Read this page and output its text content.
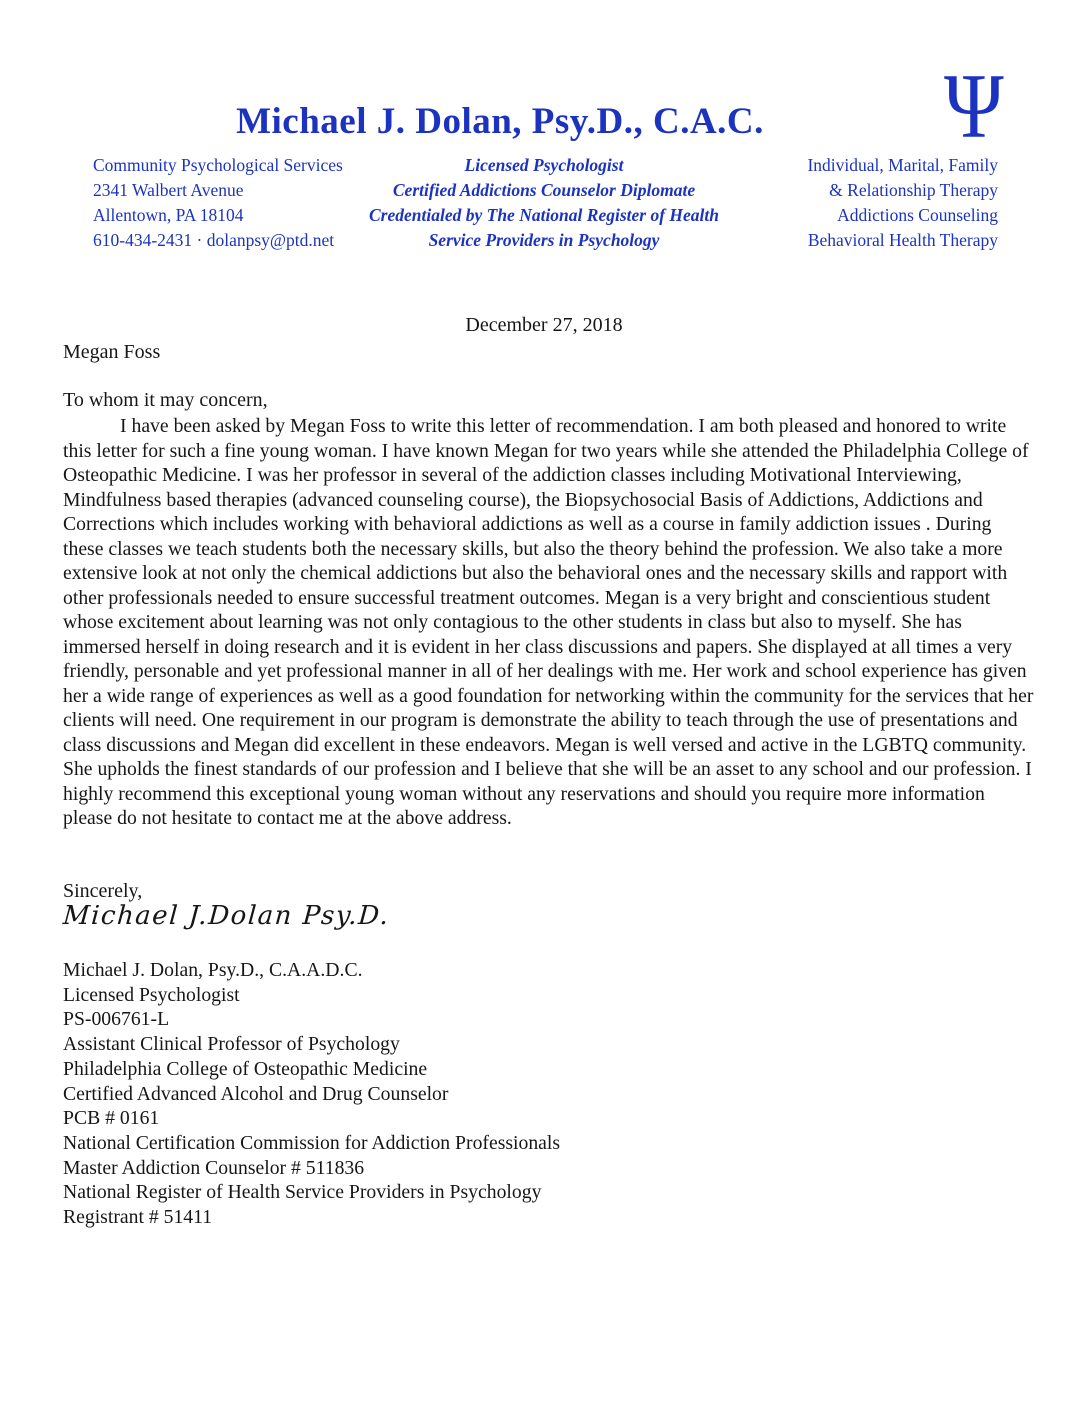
Michael J. Dolan, Psy.D., C.A.C.	Ψ
Community Psychological Services
2341 Walbert Avenue
Allentown, PA 18104
610-434-2431 · dolanpsy@ptd.net
Licensed Psychologist
Certified Addictions Counselor Diplomate
Credentialed by The National Register of Health
Service Providers in Psychology
Individual, Marital, Family
& Relationship Therapy
Addictions Counseling
Behavioral Health Therapy
December 27, 2018
Megan Foss
To whom it may concern,
I have been asked by Megan Foss to write this letter of recommendation. I am both pleased and honored to write this letter for such a fine young woman. I have known Megan for two years while she attended the Philadelphia College of Osteopathic Medicine. I was her professor in several of the addiction classes including Motivational Interviewing, Mindfulness based therapies (advanced counseling course), the Biopsychosocial Basis of Addictions, Addictions and Corrections which includes working with behavioral addictions as well as a course in family addiction issues . During these classes we teach students both the necessary skills, but also the theory behind the profession. We also take a more extensive look at not only the chemical addictions but also the behavioral ones and the necessary skills and rapport with other professionals needed to ensure successful treatment outcomes. Megan is a very bright and conscientious student whose excitement about learning was not only contagious to the other students in class but also to myself. She has immersed herself in doing research and it is evident in her class discussions and papers. She displayed at all times a very friendly, personable and yet professional manner in all of her dealings with me. Her work and school experience has given her a wide range of experiences as well as a good foundation for networking within the community for the services that her clients will need. One requirement in our program is demonstrate the ability to teach through the use of presentations and class discussions and Megan did excellent in these endeavors. Megan is well versed and active in the LGBTQ community. She upholds the finest standards of our profession and I believe that she will be an asset to any school and our profession. I highly recommend this exceptional young woman without any reservations and should you require more information please do not hesitate to contact me at the above address.
Sincerely,
Michael J.Dolan Psy.D.
Michael J. Dolan, Psy.D., C.A.A.D.C.
Licensed Psychologist
PS-006761-L
Assistant Clinical Professor of Psychology
Philadelphia College of Osteopathic Medicine
Certified Advanced Alcohol and Drug Counselor
PCB # 0161
National Certification Commission for Addiction Professionals
Master Addiction Counselor # 511836
National Register of Health Service Providers in Psychology
Registrant # 51411
